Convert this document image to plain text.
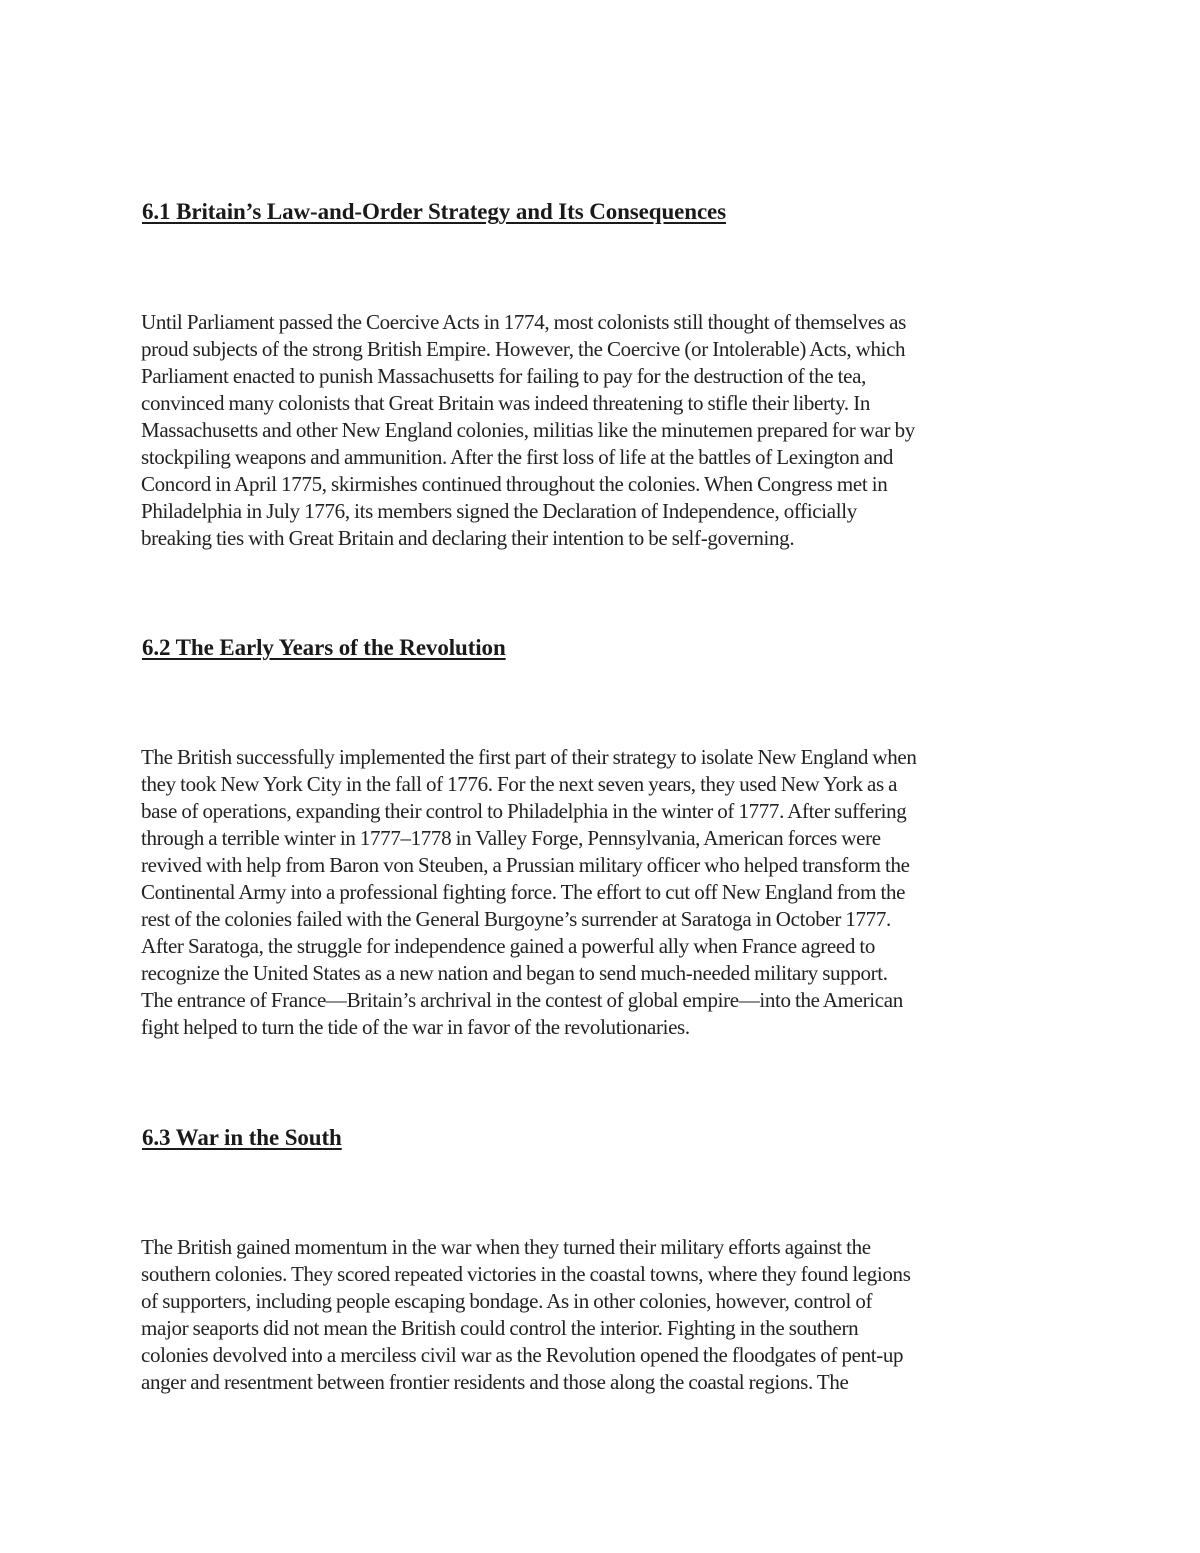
6.1 Britain’s Law-and-Order Strategy and Its Consequences

Until Parliament passed the Coercive Acts in 1774, most colonists still thought of themselves as

proud subjects of the strong British Empire. However, the Coercive (or Intolerable) Acts, which

Parliament enacted to punish Massachusetts for failing to pay for the destruction of the tea,

convinced many colonists that Great Britain was indeed threatening to stifle their liberty. In

Massachusetts and other New England colonies, militias like the minutemen prepared for war by

stockpiling weapons and ammunition. After the first loss of life at the battles of Lexington and

Concord in April 1775, skirmishes continued throughout the colonies. When Congress met in

Philadelphia in July 1776, its members signed the Declaration of Independence, officially

breaking ties with Great Britain and declaring their intention to be self-governing.

6.2 The Early Years of the Revolution

The British successfully implemented the first part of their strategy to isolate New England when

they took New York City in the fall of 1776. For the next seven years, they used New York as a

base of operations, expanding their control to Philadelphia in the winter of 1777. After suffering

through a terrible winter in 1777–1778 in Valley Forge, Pennsylvania, American forces were

revived with help from Baron von Steuben, a Prussian military officer who helped transform the

Continental Army into a professional fighting force. The effort to cut off New England from the

rest of the colonies failed with the General Burgoyne’s surrender at Saratoga in October 1777.

After Saratoga, the struggle for independence gained a powerful ally when France agreed to

recognize the United States as a new nation and began to send much-needed military support.

The entrance of France—Britain’s archrival in the contest of global empire—into the American

fight helped to turn the tide of the war in favor of the revolutionaries.

6.3 War in the South

The British gained momentum in the war when they turned their military efforts against the

southern colonies. They scored repeated victories in the coastal towns, where they found legions

of supporters, including people escaping bondage. As in other colonies, however, control of

major seaports did not mean the British could control the interior. Fighting in the southern

colonies devolved into a merciless civil war as the Revolution opened the floodgates of pent-up

anger and resentment between frontier residents and those along the coastal regions. The
